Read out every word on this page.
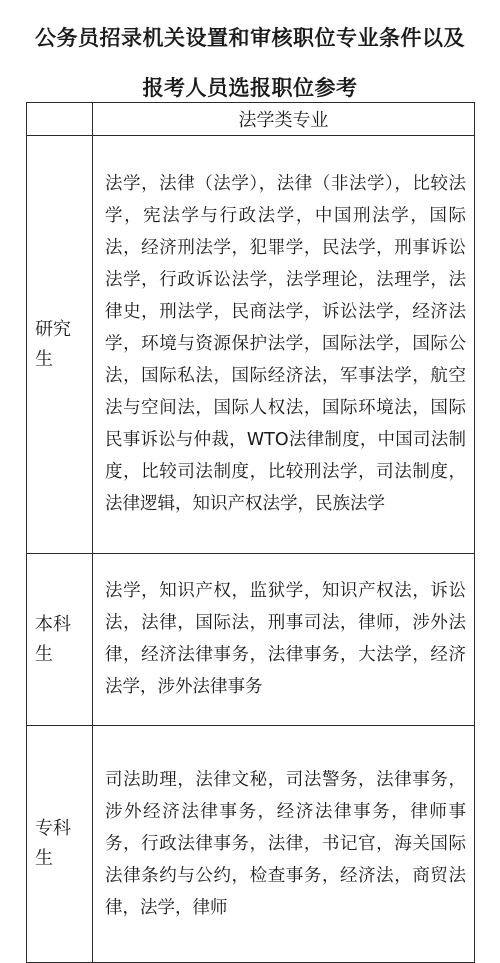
公务员招录机关设置和审核职位专业条件以及
报考人员选报职位参考
	法学类专业
研究生	法学，法律（法学），法律（非法学），比较法学，宪法学与行政法学，中国刑法学，国际法，经济刑法学，犯罪学，民法学，刑事诉讼法学，行政诉讼法学，法学理论，法理学，法律史，刑法学，民商法学，诉讼法学，经济法学，环境与资源保护法学，国际法学，国际公法，国际私法，国际经济法，军事法学，航空法与空间法，国际人权法，国际环境法，国际民事诉讼与仲裁，WTO法律制度，中国司法制度，比较司法制度，比较刑法学，司法制度，法律逻辑，知识产权法学，民族法学
本科生	法学，知识产权，监狱学，知识产权法，诉讼法，法律，国际法，刑事司法，律师，涉外法律，经济法律事务，法律事务，大法学，经济法学，涉外法律事务
专科生	司法助理，法律文秘，司法警务，法律事务，涉外经济法律事务，经济法律事务，律师事务，行政法律事务，法律，书记官，海关国际法律条约与公约，检查事务，经济法，商贸法律，法学，律师
